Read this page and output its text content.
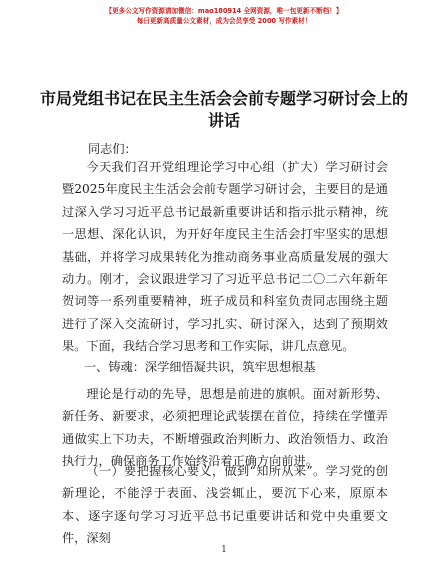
【更多公文写作资源请加微信：mao180914 全网资源，唯一包更新不断档！】
每日更新高质量公文素材，成为会员享受 2000 写作素材！
市局党组书记在民主生活会会前专题学习研讨会上的讲话

同志们：

今天我们召开党组理论学习中心组（扩大）学习研讨会暨2025年度民主生活会会前专题学习研讨会，主要目的是通过深入学习习近平总书记最新重要讲话和指示批示精神，统一思想、深化认识，为开好年度民主生活会打牢坚实的思想基础，并将学习成果转化为推动商务事业高质量发展的强大动力。刚才，会议跟进学习了习近平总书记二〇二六年新年贺词等一系列重要精神，班子成员和科室负责同志围绕主题进行了深入交流研讨，学习扎实、研讨深入，达到了预期效果。下面，我结合学习思考和工作实际，讲几点意见。

一、铸魂：深学细悟凝共识，筑牢思想根基

理论是行动的先导，思想是前进的旗帜。面对新形势、新任务、新要求，必须把理论武装摆在首位，持续在学懂弄通做实上下功夫，不断增强政治判断力、政治领悟力、政治执行力，确保商务工作始终沿着正确方向前进。

（一）要把握核心要义，做到“知所从来”。学习党的创新理论，不能浮于表面、浅尝辄止，要沉下心来，原原本本、逐字逐句学习习近平总书记重要讲话和党中央重要文件，深刻

1
